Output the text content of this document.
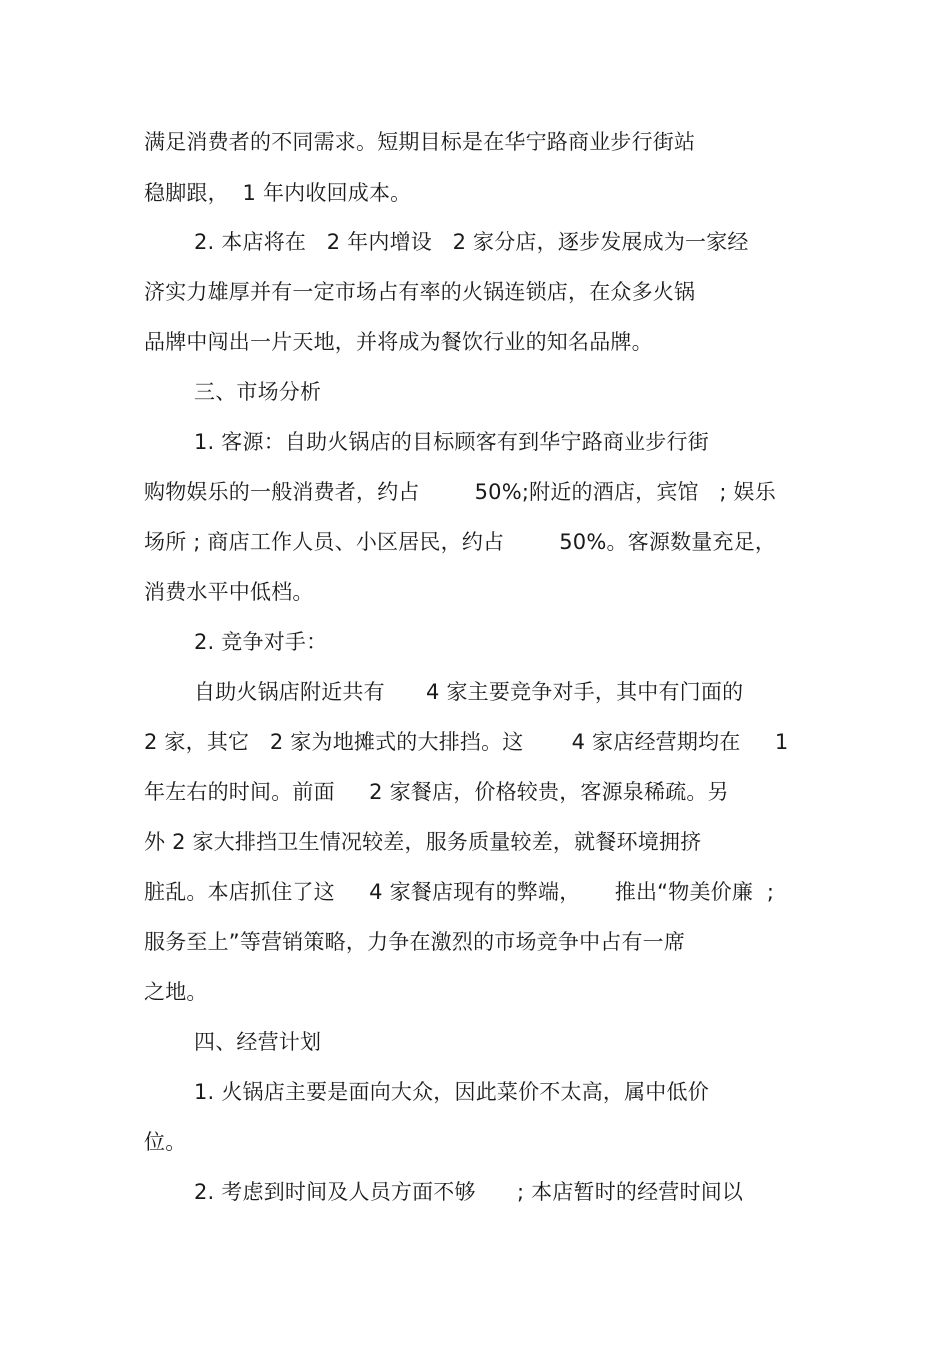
满足消费者的不同需求。短期目标是在华宁路商业步行街站
稳脚跟，  1 年内收回成本。
2. 本店将在   2 年内增设   2 家分店，逐步发展成为一家经
济实力雄厚并有一定市场占有率的火锅连锁店，在众多火锅
品牌中闯出一片天地，并将成为餐饮行业的知名品牌。
三、市场分析
1. 客源：自助火锅店的目标顾客有到华宁路商业步行街
购物娱乐的一般消费者，约占        50%;附近的酒店，宾馆   ; 娱乐
场所 ; 商店工作人员、小区居民，约占        50%。客源数量充足，
消费水平中低档。
2. 竞争对手：
自助火锅店附近共有      4 家主要竞争对手，其中有门面的
2 家，其它   2 家为地摊式的大排挡。这       4 家店经营期均在     1
年左右的时间。前面     2 家餐店，价格较贵，客源泉稀疏。另
外 2 家大排挡卫生情况较差，服务质量较差，就餐环境拥挤
脏乱。本店抓住了这     4 家餐店现有的弊端，     推出“物美价廉  ;
服务至上”等营销策略，力争在激烈的市场竞争中占有一席
之地。
四、经营计划
1. 火锅店主要是面向大众，因此菜价不太高，属中低价
位。
2. 考虑到时间及人员方面不够      ; 本店暂时的经营时间以
